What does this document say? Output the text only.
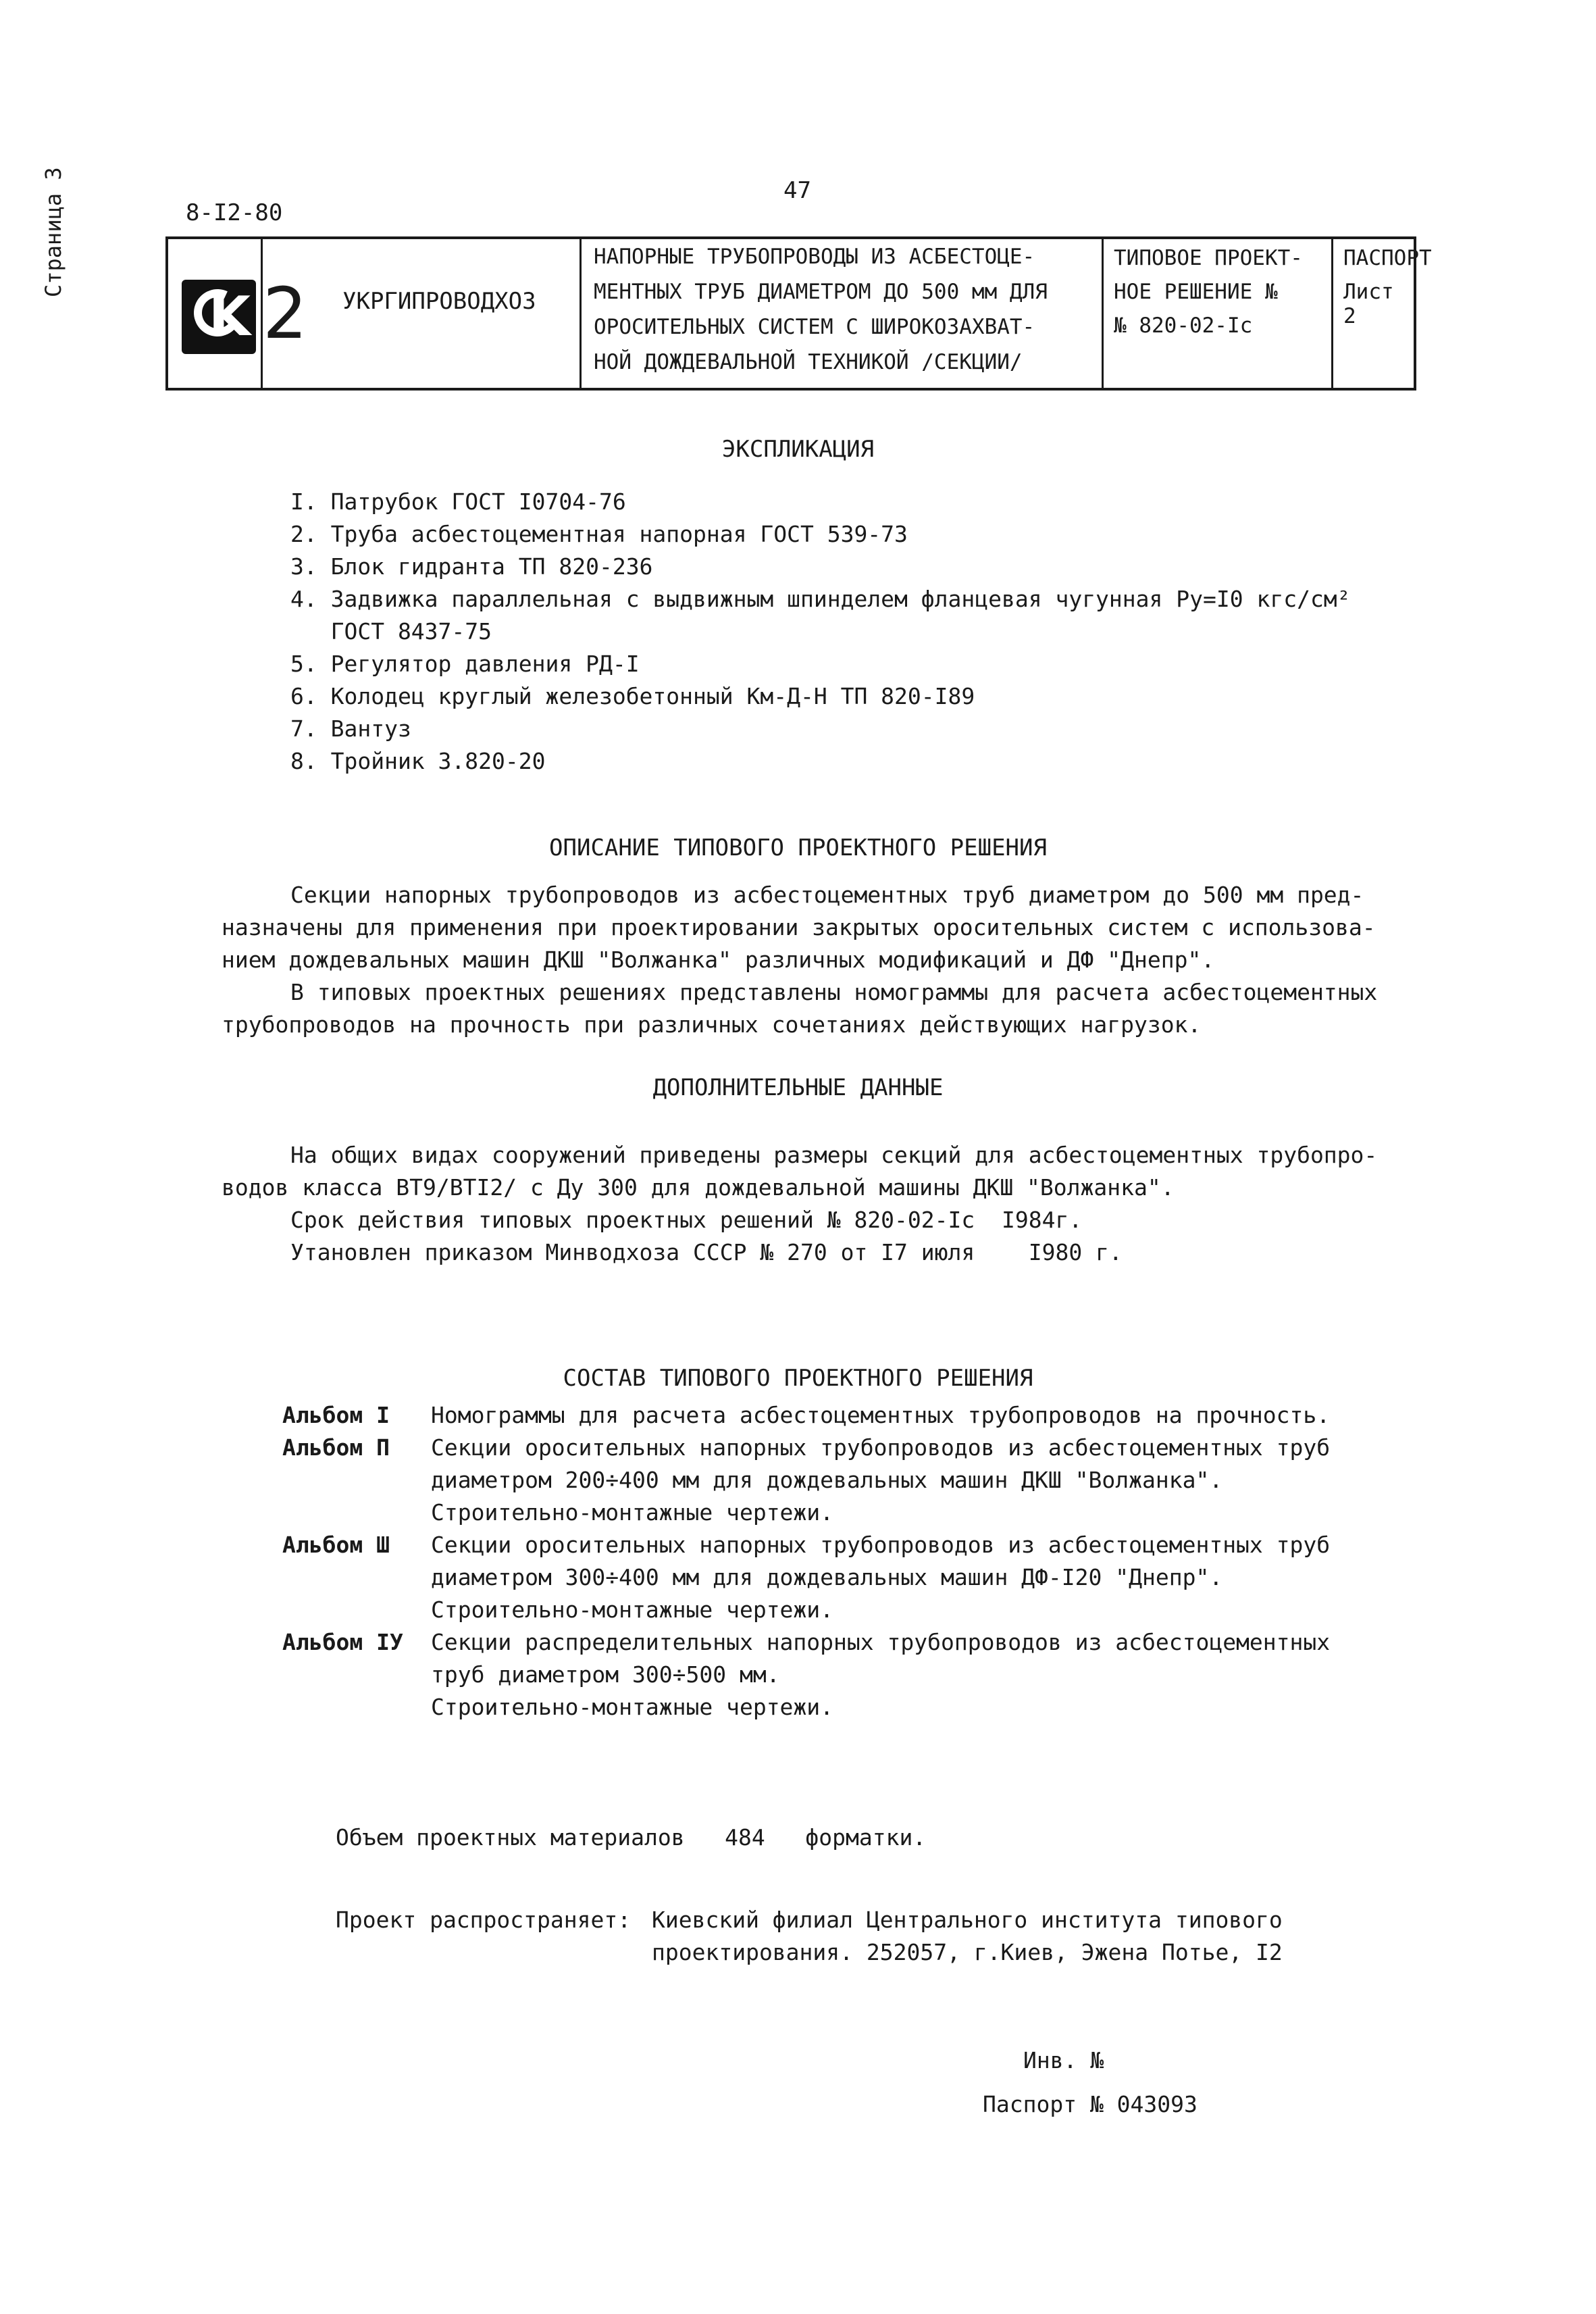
Страница 3	47
8-I2-80
K 2 УКРГИПРОВОДХОЗ
НАПОРНЫЕ ТРУБОПРОВОДЫ ИЗ АСБЕСТОЦЕ-
МЕНТНЫХ ТРУБ ДИАМЕТРОМ ДО 500 мм ДЛЯ
ОРОСИТЕЛЬНЫХ СИСТЕМ С ШИРОКОЗАХВАТ-
НОЙ ДОЖДЕВАЛЬНОЙ ТЕХНИКОЙ /СЕКЦИИ/
ТИПОВОЕ ПРОЕКТ-
НОЕ РЕШЕНИЕ №
№ 820-02-Iс
ПАСПОРТ
Лист 2
ЭКСПЛИКАЦИЯ
I. Патрубок ГОСТ I0704-76
2. Труба асбестоцементная напорная ГОСТ 539-73
3. Блок гидранта ТП 820-236
4. Задвижка параллельная с выдвижным шпинделем фланцевая чугунная Ру=I0 кгс/см²
ГОСТ 8437-75
5. Регулятор давления РД-I
6. Колодец круглый железобетонный Км-Д-Н ТП 820-I89
7. Вантуз
8. Тройник 3.820-20
ОПИСАНИЕ ТИПОВОГО ПРОЕКТНОГО РЕШЕНИЯ
Секции напорных трубопроводов из асбестоцементных труб диаметром до 500 мм пред-
назначены для применения при проектировании закрытых оросительных систем с использова-
нием дождевальных машин ДКШ "Волжанка" различных модификаций и ДФ "Днепр".
В типовых проектных решениях представлены номограммы для расчета асбестоцементных
трубопроводов на прочность при различных сочетаниях действующих нагрузок.
ДОПОЛНИТЕЛЬНЫЕ ДАННЫЕ
На общих видах сооружений приведены размеры секций для асбестоцементных трубопро-
водов класса ВТ9/ВТI2/ с Ду 300 для дождевальной машины ДКШ "Волжанка".
Срок действия типовых проектных решений № 820-02-Iс  I984г.
Утановлен приказом Минводхоза СССР № 270 от I7 июля    I980 г.
СОСТАВ ТИПОВОГО ПРОЕКТНОГО РЕШЕНИЯ
Альбом I Номограммы для расчета асбестоцементных трубопроводов на прочность.
Альбом П Секции оросительных напорных трубопроводов из асбестоцементных труб
диаметром 200÷400 мм для дождевальных машин ДКШ "Волжанка".
Строительно-монтажные чертежи.
Альбом Ш Секции оросительных напорных трубопроводов из асбестоцементных труб
диаметром 300÷400 мм для дождевальных машин ДФ-I20 "Днепр".
Строительно-монтажные чертежи.
Альбом IУ Секции распределительных напорных трубопроводов из асбестоцементных
труб диаметром 300÷500 мм.
Строительно-монтажные чертежи.
Объем проектных материалов   484   форматки.
Проект распространяет: Киевский филиал Центрального института типового
проектирования. 252057, г.Киев, Эжена Потье, I2
Инв. №
Паспорт № 043093
